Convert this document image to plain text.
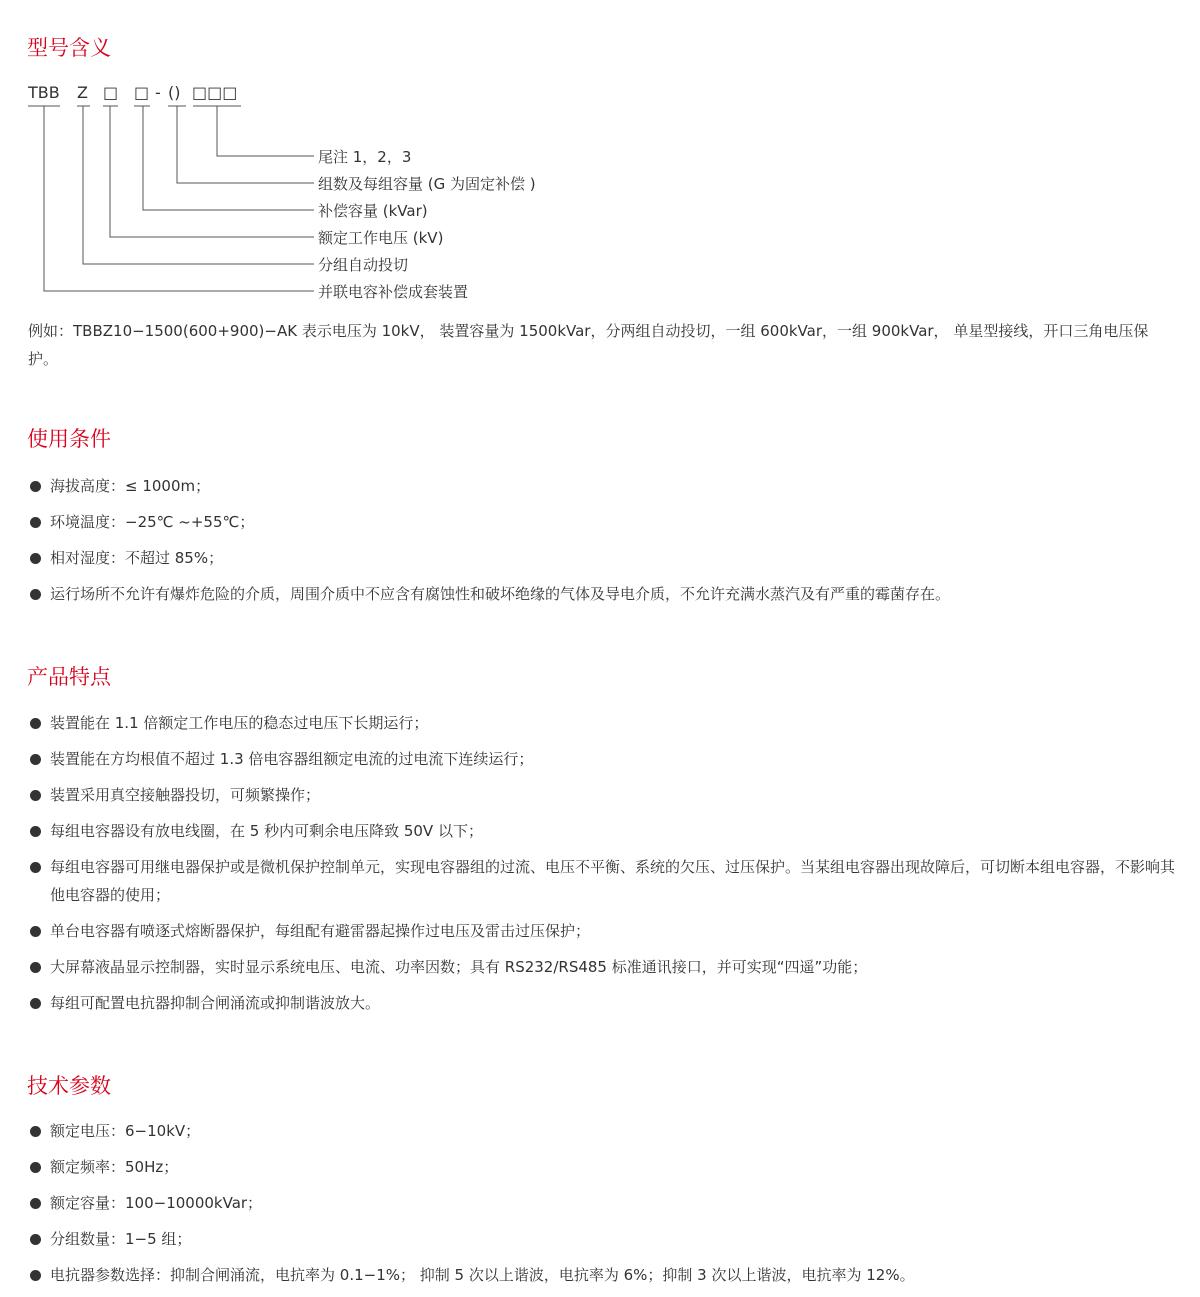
型号含义
TBB Z □ □ - () □□□
尾注 1，2，3
组数及每组容量 (G 为固定补偿 )
补偿容量 (kVar)
额定工作电压 (kV)
分组自动投切
并联电容补偿成套装置

例如：TBBZ10−1500(600+900)−AK 表示电压为 10kV， 装置容量为 1500kVar，分两组自动投切，一组 600kVar，一组 900kVar， 单星型接线，开口三角电压保护。

使用条件
海拔高度：≤ 1000m；
环境温度：−25℃ ~+55℃；
相对湿度：不超过 85%；
运行场所不允许有爆炸危险的介质，周围介质中不应含有腐蚀性和破坏绝缘的气体及导电介质，不允许充满水蒸汽及有严重的霉菌存在。
产品特点
装置能在 1.1 倍额定工作电压的稳态过电压下长期运行；
装置能在方均根值不超过 1.3 倍电容器组额定电流的过电流下连续运行；
装置采用真空接触器投切，可频繁操作；
每组电容器设有放电线圈，在 5 秒内可剩余电压降致 50V 以下；
每组电容器可用继电器保护或是微机保护控制单元，实现电容器组的过流、电压不平衡、系统的欠压、过压保护。当某组电容器出现故障后，可切断本组电容器，不影响其他电容器的使用；
单台电容器有喷逐式熔断器保护，每组配有避雷器起操作过电压及雷击过压保护；
大屏幕液晶显示控制器，实时显示系统电压、电流、功率因数；具有 RS232/RS485 标准通讯接口，并可实现“四遥”功能；
每组可配置电抗器抑制合闸涌流或抑制谐波放大。
技术参数
额定电压：6−10kV；
额定频率：50Hz；
额定容量：100−10000kVar；
分组数量：1−5 组；
电抗器参数选择：抑制合闸涌流，电抗率为 0.1−1%； 抑制 5 次以上谐波，电抗率为 6%；抑制 3 次以上谐波，电抗率为 12%。
